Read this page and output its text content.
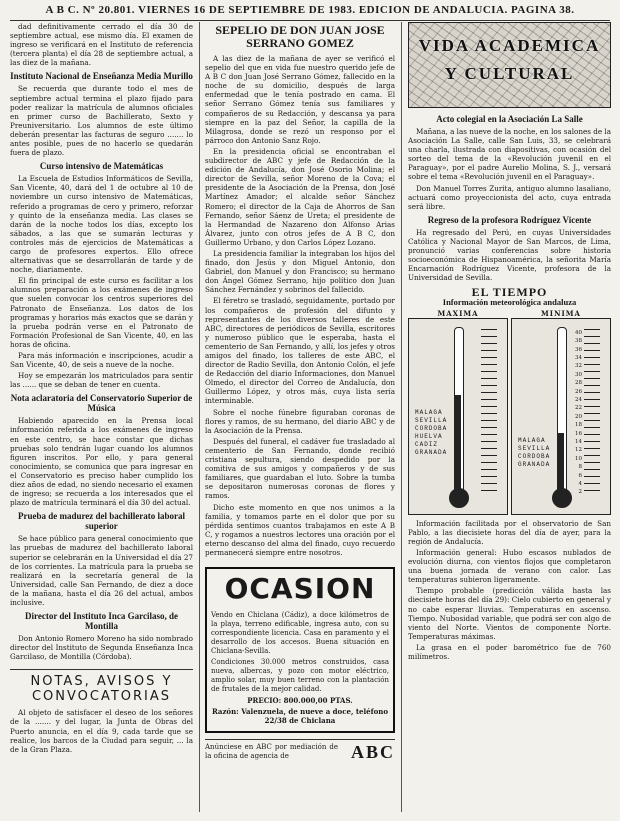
A B C. Nº 20.801. VIERNES 16 DE SEPTIEMBRE DE 1983. EDICION DE ANDALUCIA. PAGINA 38.

dad definitivamente cerrado el día 30 de septiembre actual, ese mismo día. El examen de ingreso se verificará en el Instituto de referencia (tercera planta) el día 28 de septiembre actual, a las diez de la mañana.

Instituto Nacional de Enseñanza Media Murillo

Se recuerda que durante todo el mes de septiembre actual termina el plazo fijado para poder realizar la matrícula de alumnos oficiales en primer curso de Bachillerato, Sexto y Preuniversitario. Los alumnos de este último deberán presentar las facturas de seguro ....... lo antes posible, pues de no hacerlo se quedarán fuera de plazo.

Curso intensivo de Matemáticas

La Escuela de Estudios Informáticos de Sevilla, San Vicente, 40, dará del 1 de octubre al 10 de noviembre un curso intensivo de Matemáticas, referido a programas de cero y primero, reforzar y quinto de la enseñanza media. Las clases se darán de la noche todos los días, excepto los sábados, a las que se sumarán lecturas y controles más de ejercicios de Matemáticas a cargo de profesores expertos. Ello ofrece alternativas que se desarrollarán de tarde y de noche, diariamente.

El fin principal de este curso es facilitar a los alumnos preparación a los exámenes de ingreso que suelen convocar los centros superiores del Patronato de Enseñanza. Los datos de los programas y horarios más exactos que se darán y la prueba podrán verse en el Patronato de Formación Profesional de San Vicente, 40, en las horas de oficina.

Para más información e inscripciones, acudir a San Vicente, 40, de seis a nueve de la noche.

Hoy se empezarán los matriculados para sentir las ...... que se deban de tener en cuenta.

Nota aclaratoria del Conservatorio Superior de Música

Habiendo aparecido en la Prensa local información referida a los exámenes de ingreso en este centro, se hace constar que dichas pruebas solo tendrán lugar cuando los alumnos figuren inscritos. Por ello, y para general conocimiento, se comunica que para ingresar en el Conservatorio es preciso haber cumplido los diez años de edad, no siendo necesario el examen de ingreso; se recuerda a los interesados que el plazo de matrícula terminará el día 30 del actual.

Prueba de madurez del bachillerato laboral superior

Se hace público para general conocimiento que las pruebas de madurez del bachillerato laboral superior se celebrarán en la Universidad el día 27 de los corrientes. La matrícula para la prueba se realizará en la secretaría general de la Universidad, calle San Fernando, de diez a doce de la mañana, hasta el día 26 del actual, ambos inclusive.

Director del Instituto Inca Garcilaso, de Montilla

Don Antonio Romero Moreno ha sido nombrado director del Instituto de Segunda Enseñanza Inca Garcilaso, de Montilla (Córdoba).

NOTAS, AVISOS Y CONVOCATORIAS

Al objeto de satisfacer el deseo de los señores de la ....... y del lugar, la Junta de Obras del Puerto anuncia, en el día 9, cada tarde que se realice, los barcos de la Ciudad para seguir, ... la de la Gran Plaza.

SEPELIO DE DON JUAN JOSE SERRANO GOMEZ

A las diez de la mañana de ayer se verificó el sepelio del que en vida fue nuestro querido jefe de A B C don Juan José Serrano Gómez, fallecido en la noche de su domicilio, después de larga enfermedad que le tenía postrado en cama. El señor Serrano Gómez tenía sus familiares y compañeros de su Redacción, y descansa ya para siempre en la paz del Señor, la capilla de la Milagrosa, donde se rezó un responso por el párroco don Antonio Sanz Rojo.

En la presidencia oficial se encontraban el subdirector de ABC y jefe de Redacción de la edición de Andalucía, don José Osorio Molina; el director de Sevilla, señor Moreno de la Cova; el presidente de la Asociación de la Prensa, don José Martínez Amador; el alcalde señor Sánchez Romero; el director de la Caja de Ahorros de San Fernando, señor Sáenz de Ureta; el presidente de la Hermandad de Nazareno don Alfonso Arias Álvarez, junto con otros jefes de A B C, don Guillermo Urbano, y don Carlos López Lozano.

La presidencia familiar la integraban los hijos del finado, don Jesús y don Miguel Antonio, don Gabriel, don Manuel y don Francisco; su hermano don Ángel Gómez Serrano, hijo político don Juan Sánchez Fernández y sobrinos del fallecido.

El féretro se trasladó, seguidamente, portado por los compañeros de profesión del difunto y representantes de los diversos talleres de este ABC, directores de periódicos de Sevilla, escritores y numeroso público que le esperaba, hasta el cementerio de San Fernando, y allí, los jefes y otros amigos del finado, los talleres de este ABC, el director de Radio Sevilla, don Antonio Colón, el jefe de Redacción del diario Informaciones, don Manuel Olmedo, el director del Correo de Andalucía, don Guillermo López, y otros más, cuya lista sería interminable.

Sobre el noche fúnebre figuraban coronas de flores y ramos, de su hermano, del diario ABC y de la Asociación de la Prensa.

Después del funeral, el cadáver fue trasladado al cementerio de San Fernando, donde recibió cristiana sepultura, siendo despedido por la comitiva de sus amigos y compañeros y de sus familiares, que guardaban el luto. Sobre la tumba se depositaron numerosas coronas de flores y ramos.

Dicho este momento en que nos unimos a la familia, y tomamos parte en el dolor que por su pérdida sentimos cuantos trabajamos en este A B C, y rogamos a nuestros lectores una oración por el eterno descanso del alma del finado, cuyo recuerdo permanecerá siempre entre nosotros.

OCASION

Vendo en Chiclana (Cádiz), a doce kilómetros de la playa, terreno edificable, ingresa auto, con su correspondiente licencia. Casa en paramento y el desarrollo de los accesos. Buena situación en Chiclana-Sevilla.

Condiciones 30.000 metros construidos, casa nueva, albercas, y pozo con motor eléctrico, amplio solar, muy buen terreno con la plantación de frutales de la mejor calidad.

PRECIO: 800.000,00 PTAS.

Razón: Valenzuela, de nueve a doce, teléfono 22/38 de Chiclana

Anúnciese en ABC por mediación de la oficina de agencia de	ABC
VIDA ACADEMICA
Y CULTURAL
Acto colegial en la Asociación La Salle

Mañana, a las nueve de la noche, en los salones de la Asociación La Salle, calle San Luis, 33, se celebrará una charla, ilustrada con diapositivas, con ocasión del sorteo del tema de la «Revolución juvenil en el Paraguay», por el padre Aurelio Molina, S. J., versará sobre el tema «Revolución juvenil en el Paraguay».

Don Manuel Torres Zurita, antiguo alumno lasaliano, actuará como proyeccionista del acto, cuya entrada será libre.

Regreso de la profesora Rodríguez Vicente

Ha regresado del Perú, en cuyas Universidades Católica y Nacional Mayor de San Marcos, de Lima, pronunció varias conferencias sobre historia socioeconómica de Hispanoamérica, la señorita María Encarnación Rodríguez Vicente, profesora de la Universidad de Sevilla.

EL TIEMPO
Información meteorológica andaluza
MAXIMA
MALAGA
SEVILLA
CORDOBA
HUELVA
CADIZ
GRANADA
MINIMA
40
38
36
34
32
30
28
26
24
22
20
18
16
14
12
10
8
6
4
2
MALAGA
SEVILLA
CORDOBA
GRANADA

Información facilitada por el observatorio de San Pablo, a las diecisiete horas del día de ayer, para la región de Andalucía.

Información general: Hubo escasos nublados de evolución diurna, con vientos flojos que completaron una buena jornada de verano con calor. Las temperaturas subieron ligeramente.

Tiempo probable (predicción válida hasta las diecisiete horas del día 29): Cielo cubierto en general y no cabe esperar lluvias. Temperaturas en ascenso. Tiempo. Nubosidad variable, que podrá ser con algo de viento del Norte. Vientos de componente Norte. Temperaturas máximas.

La grasa en el poder barométrico fue de 760 milímetros.
